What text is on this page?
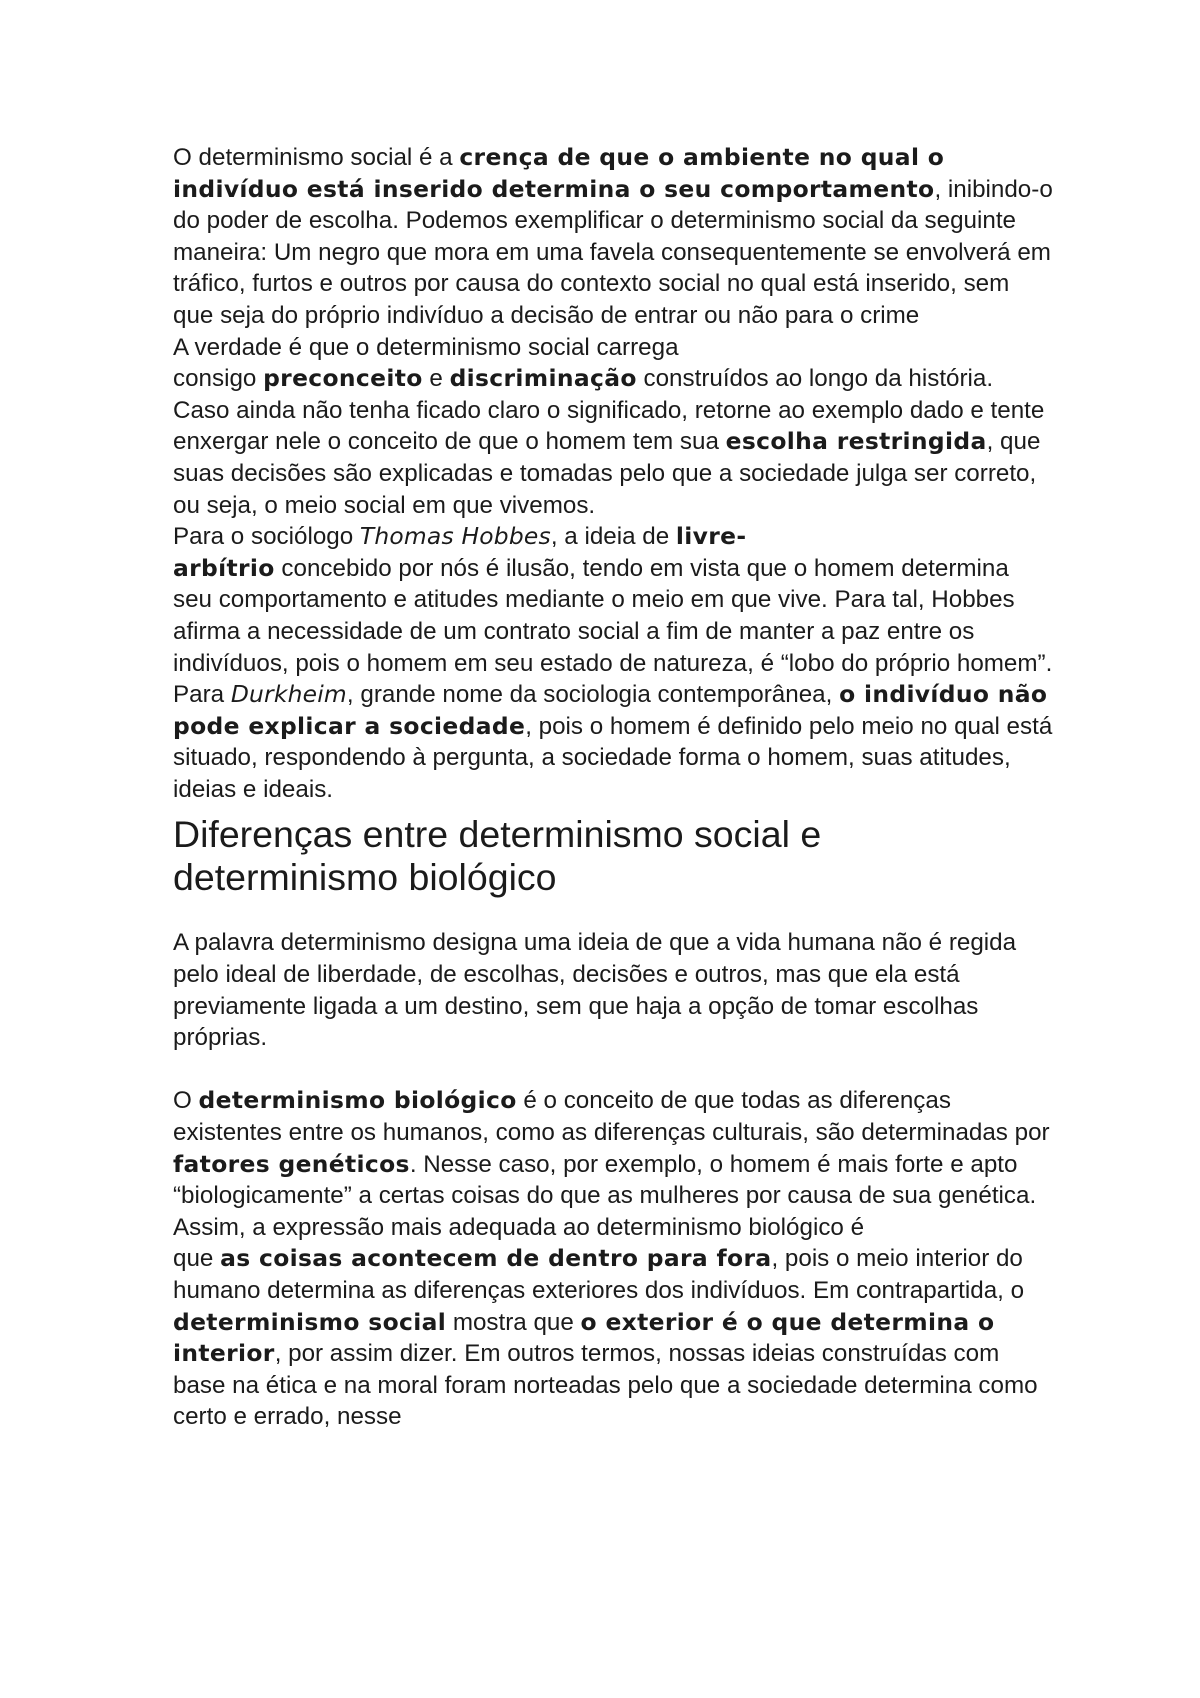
O determinismo social é a crença de que o ambiente no qual o indivíduo está inserido determina o seu comportamento, inibindo-o do poder de escolha. Podemos exemplificar o determinismo social da seguinte maneira: Um negro que mora em uma favela consequentemente se envolverá em tráfico, furtos e outros por causa do contexto social no qual está inserido, sem que seja do próprio indivíduo a decisão de entrar ou não para o crime

A verdade é que o determinismo social carrega
consigo preconceito e discriminação construídos ao longo da história. Caso ainda não tenha ficado claro o significado, retorne ao exemplo dado e tente enxergar nele o conceito de que o homem tem sua escolha restringida, que suas decisões são explicadas e tomadas pelo que a sociedade julga ser correto, ou seja, o meio social em que vivemos.

Para o sociólogo Thomas Hobbes, a ideia de livre-
arbítrio concebido por nós é ilusão, tendo em vista que o homem determina seu comportamento e atitudes mediante o meio em que vive. Para tal, Hobbes afirma a necessidade de um contrato social a fim de manter a paz entre os indivíduos, pois o homem em seu estado de natureza, é “lobo do próprio homem”.

Para Durkheim, grande nome da sociologia contemporânea, o indivíduo não pode explicar a sociedade, pois o homem é definido pelo meio no qual está situado, respondendo à pergunta, a sociedade forma o homem, suas atitudes, ideias e ideais.

Diferenças entre determinismo social e determinismo biológico

A palavra determinismo designa uma ideia de que a vida humana não é regida pelo ideal de liberdade, de escolhas, decisões e outros, mas que ela está previamente ligada a um destino, sem que haja a opção de tomar escolhas próprias.

O determinismo biológico é o conceito de que todas as diferenças existentes entre os humanos, como as diferenças culturais, são determinadas por fatores genéticos. Nesse caso, por exemplo, o homem é mais forte e apto “biologicamente” a certas coisas do que as mulheres por causa de sua genética.

Assim, a expressão mais adequada ao determinismo biológico é
que as coisas acontecem de dentro para fora, pois o meio interior do humano determina as diferenças exteriores dos indivíduos. Em contrapartida, o determinismo social mostra que o exterior é o que determina o interior, por assim dizer. Em outros termos, nossas ideias construídas com base na ética e na moral foram norteadas pelo que a sociedade determina como certo e errado, nesse
